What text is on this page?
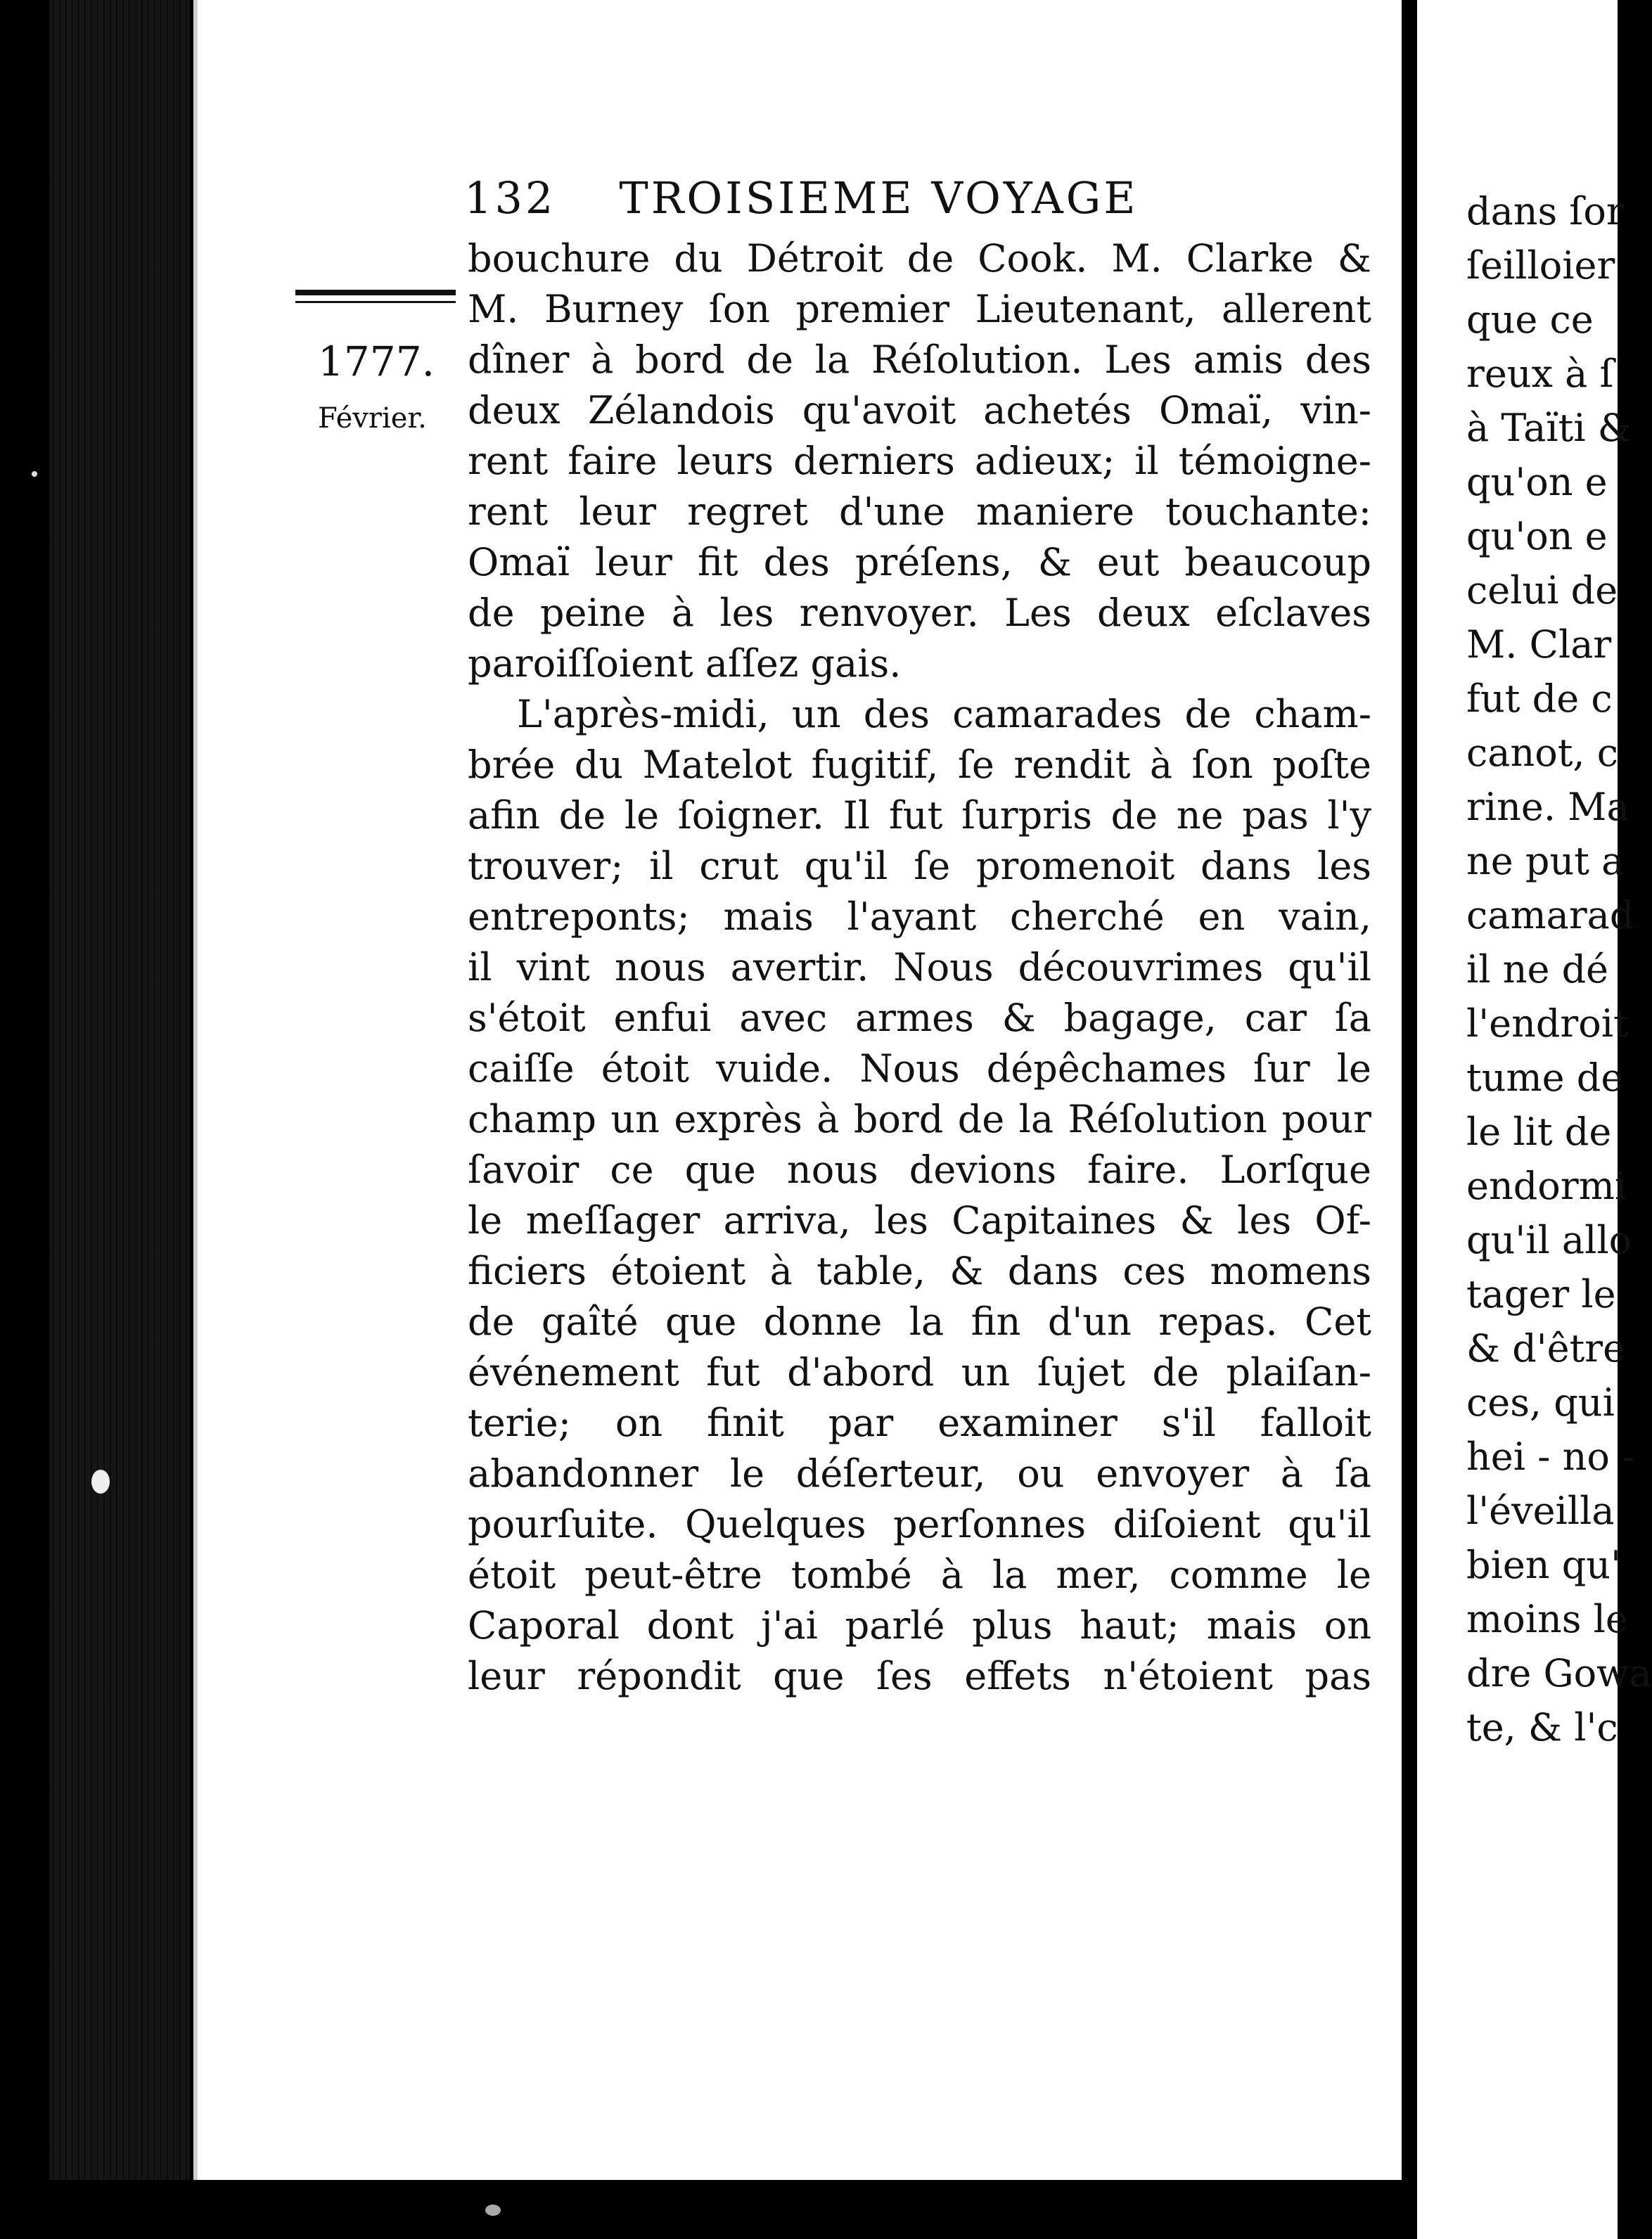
132 TROISIEME VOYAGE
1777.
Février.
bouchure du Détroit de Cook. M. Clarke &
M. Burney ſon premier Lieutenant, allerent
dîner à bord de la Réſolution. Les amis des
deux Zélandois qu'avoit achetés Omaï, vin-
rent faire leurs derniers adieux; il témoigne-
rent leur regret d'une maniere touchante:
Omaï leur fit des préſens, & eut beaucoup
de peine à les renvoyer. Les deux eſclaves
paroiſſoient aſſez gais.
L'après-midi, un des camarades de cham-
brée du Matelot fugitif, ſe rendit à ſon poſte
afin de le ſoigner. Il fut ſurpris de ne pas l'y
trouver; il crut qu'il ſe promenoit dans les
entreponts; mais l'ayant cherché en vain,
il vint nous avertir. Nous découvrimes qu'il
s'étoit enfui avec armes & bagage, car ſa
caiſſe étoit vuide. Nous dépêchames ſur le
champ un exprès à bord de la Réſolution pour
ſavoir ce que nous devions faire. Lorſque
le meſſager arriva, les Capitaines & les Of-
ficiers étoient à table, & dans ces momens
de gaîté que donne la fin d'un repas. Cet
événement fut d'abord un ſujet de plaiſan-
terie; on finit par examiner s'il falloit
abandonner le déſerteur, ou envoyer à ſa
pourſuite. Quelques perſonnes diſoient qu'il
étoit peut-être tombé à la mer, comme le
Caporal dont j'ai parlé plus haut; mais on
leur répondit que ſes effets n'étoient pas
dans ſor
ſeilloier
que ce
reux à ſ
à Taïti &
qu'on e
qu'on e
celui de
M. Clar
fut de c
canot, c
rine. Ma
ne put a
camarad
il ne dé
l'endroit
tume de
le lit de
endormi
qu'il allo
tager le
& d'être
ces, qui
hei - no -
l'éveilla
bien qu'
moins le
dre Gowa
te, & l'c
